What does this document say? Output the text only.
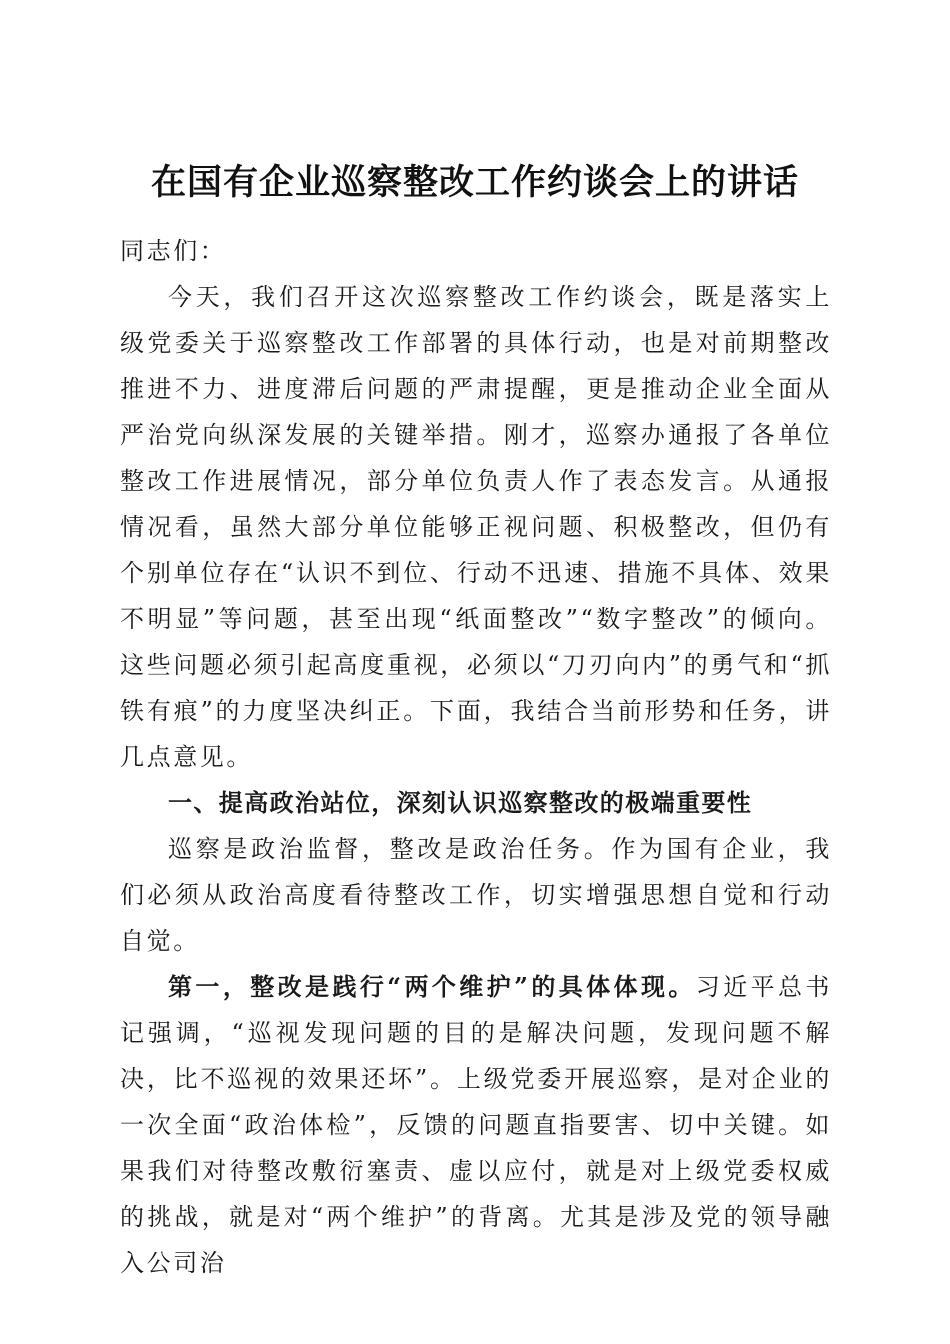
在国有企业巡察整改工作约谈会上的讲话

同志们：

今天，我们召开这次巡察整改工作约谈会，既是落实上级党委关于巡察整改工作部署的具体行动，也是对前期整改推进不力、进度滞后问题的严肃提醒，更是推动企业全面从严治党向纵深发展的关键举措。刚才，巡察办通报了各单位整改工作进展情况，部分单位负责人作了表态发言。从通报情况看，虽然大部分单位能够正视问题、积极整改，但仍有个别单位存在“认识不到位、行动不迅速、措施不具体、效果不明显”等问题，甚至出现“纸面整改”“数字整改”的倾向。这些问题必须引起高度重视，必须以“刀刃向内”的勇气和“抓铁有痕”的力度坚决纠正。下面，我结合当前形势和任务，讲几点意见。

一、提高政治站位，深刻认识巡察整改的极端重要性

巡察是政治监督，整改是政治任务。作为国有企业，我们必须从政治高度看待整改工作，切实增强思想自觉和行动自觉。

第一，整改是践行“两个维护”的具体体现。习近平总书记强调，“巡视发现问题的目的是解决问题，发现问题不解决，比不巡视的效果还坏”。上级党委开展巡察，是对企业的一次全面“政治体检”，反馈的问题直指要害、切中关键。如果我们对待整改敷衍塞责、虚以应付，就是对上级党委权威的挑战，就是对“两个维护”的背离。尤其是涉及党的领导融入公司治
